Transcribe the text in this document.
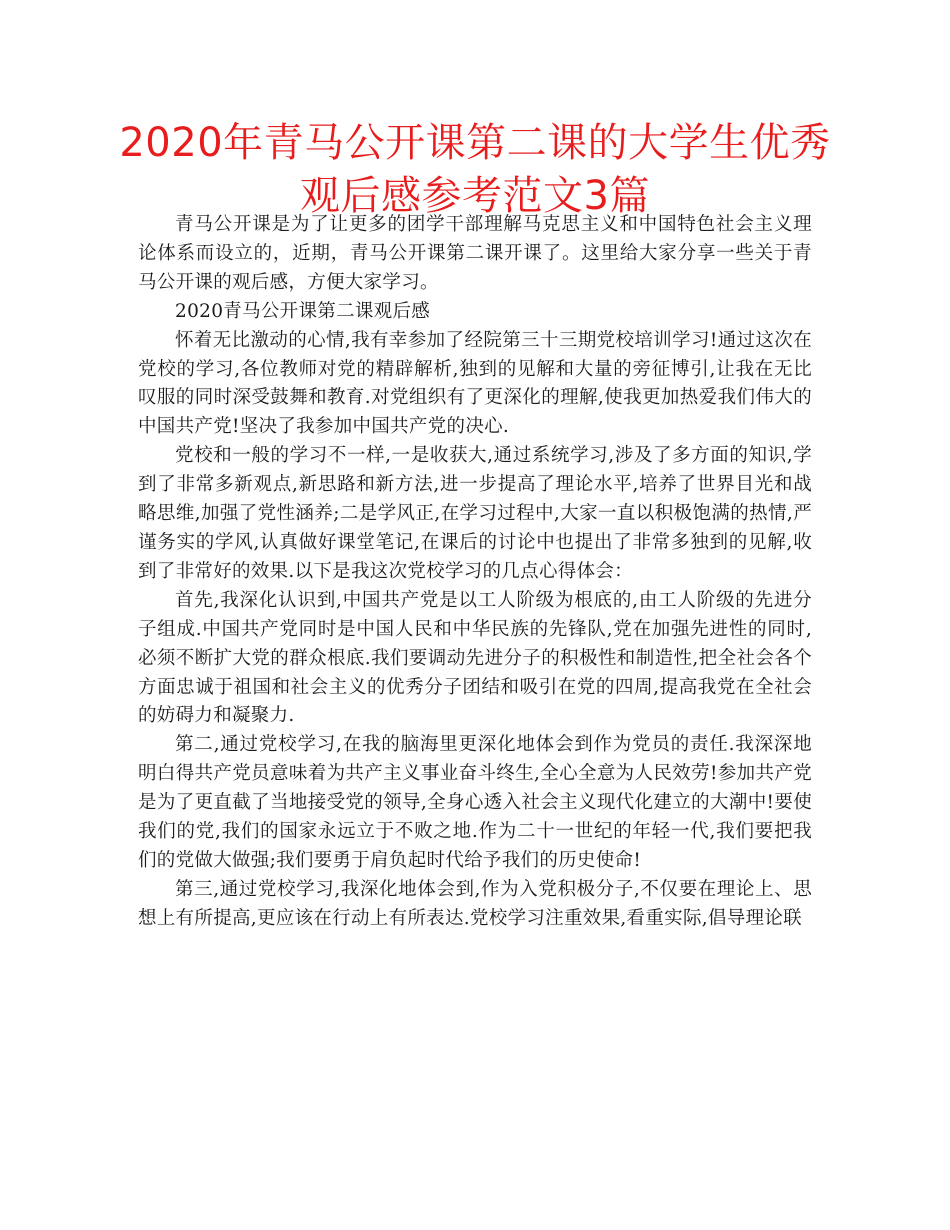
2020年青马公开课第二课的大学生优秀观后感参考范文3篇

青马公开课是为了让更多的团学干部理解马克思主义和中国特色社会主义理论体系而设立的，近期，青马公开课第二课开课了。这里给大家分享一些关于青马公开课的观后感，方便大家学习。

2020青马公开课第二课观后感

怀着无比激动的心情,我有幸参加了经院第三十三期党校培训学习!通过这次在党校的学习,各位教师对党的精辟解析,独到的见解和大量的旁征博引,让我在无比叹服的同时深受鼓舞和教育.对党组织有了更深化的理解,使我更加热爱我们伟大的中国共产党!坚决了我参加中国共产党的决心.

党校和一般的学习不一样,一是收获大,通过系统学习,涉及了多方面的知识,学到了非常多新观点,新思路和新方法,进一步提高了理论水平,培养了世界目光和战略思维,加强了党性涵养;二是学风正,在学习过程中,大家一直以积极饱满的热情,严谨务实的学风,认真做好课堂笔记,在课后的讨论中也提出了非常多独到的见解,收到了非常好的效果.以下是我这次党校学习的几点心得体会：

首先,我深化认识到,中国共产党是以工人阶级为根底的,由工人阶级的先进分子组成.中国共产党同时是中国人民和中华民族的先锋队,党在加强先进性的同时,必须不断扩大党的群众根底.我们要调动先进分子的积极性和制造性,把全社会各个方面忠诚于祖国和社会主义的优秀分子团结和吸引在党的四周,提高我党在全社会的妨碍力和凝聚力.

第二,通过党校学习,在我的脑海里更深化地体会到作为党员的责任.我深深地明白得共产党员意味着为共产主义事业奋斗终生,全心全意为人民效劳!参加共产党是为了更直截了当地接受党的领导,全身心透入社会主义现代化建立的大潮中!要使我们的党,我们的国家永远立于不败之地.作为二十一世纪的年轻一代,我们要把我们的党做大做强;我们要勇于肩负起时代给予我们的历史使命!

第三,通过党校学习,我深化地体会到,作为入党积极分子,不仅要在理论上、思想上有所提高,更应该在行动上有所表达.党校学习注重效果,看重实际,倡导理论联
